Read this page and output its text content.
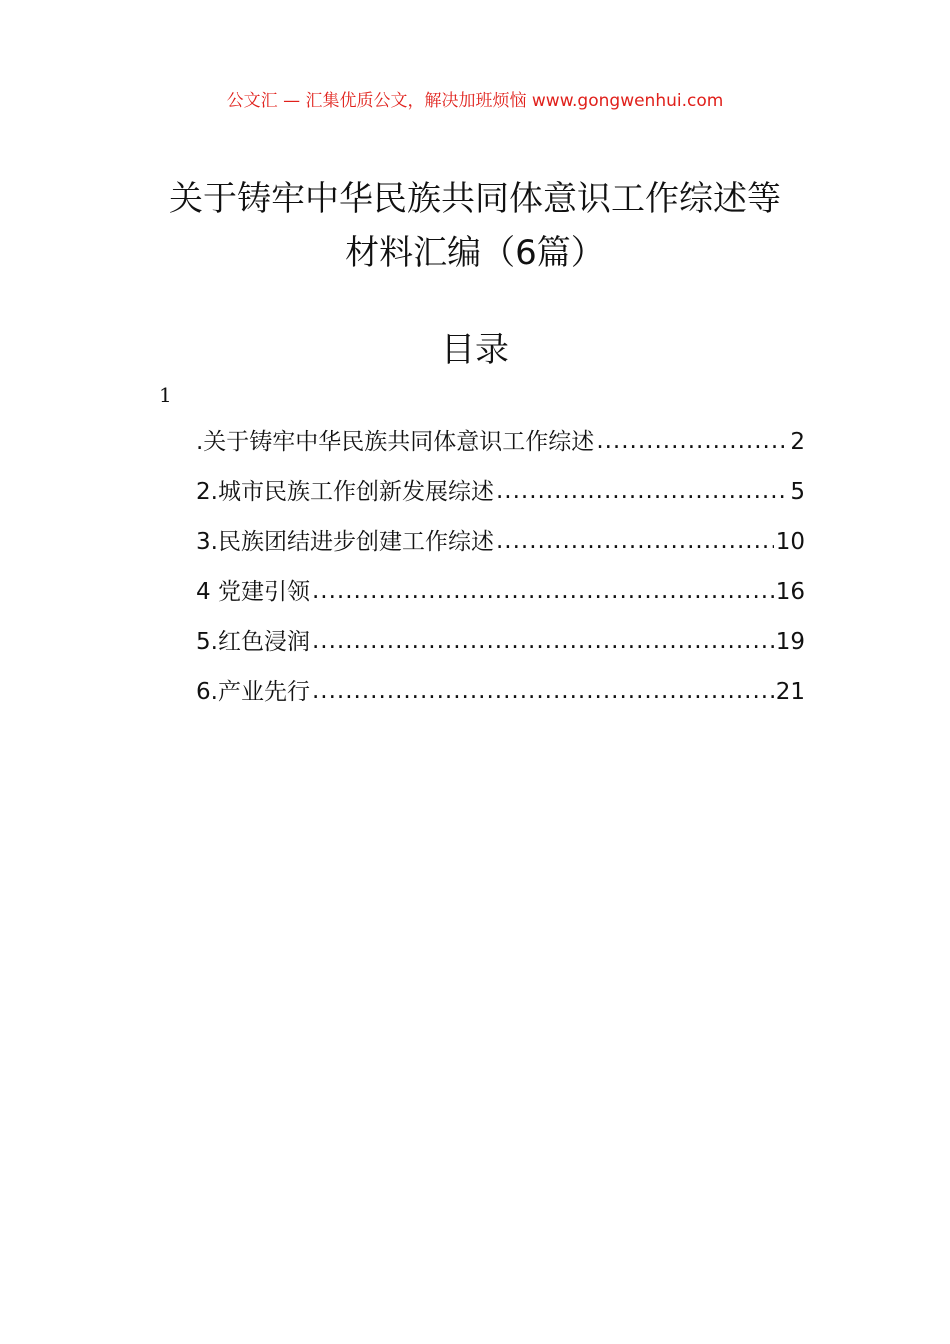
公文汇 — 汇集优质公文，解决加班烦恼 www.gongwenhui.com
关于铸牢中华民族共同体意识工作综述等
材料汇编（6篇）
目录
1
.关于铸牢中华民族共同体意识工作综述 .....	2
2.城市民族工作创新发展综述 .....	5
3.民族团结进步创建工作综述 .....	10
4 党建引领 .....	16
5.红色浸润 .....	19
6.产业先行 .....	21
